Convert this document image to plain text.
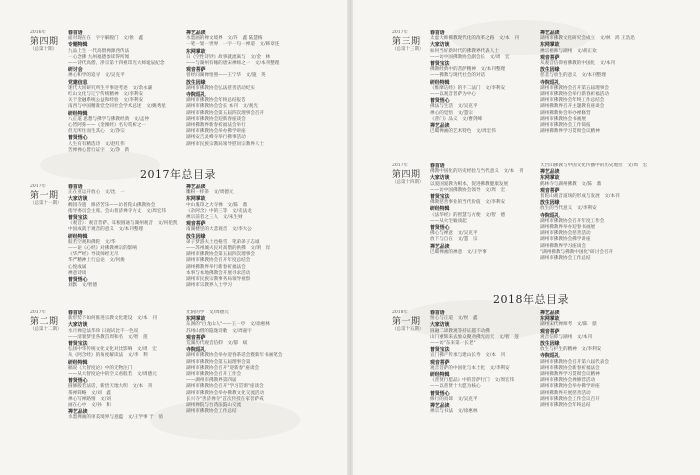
2017年总目录
2018年总目录
2016年
第四期
（总第十期）
2017年
第一期
（总第十一期）
2017年
第二期
（总第十二期）
2017年
第三期
（总第十三期）
2017年
第四期
（总第十四期）
2018年
第一期
（总第十五期）
春首语
面对现在在　字字解脱门　文/侯　鑫
专题特辑
九品上生 一代高僧禅源西传法
一心念佛 九州福德参读得所闻
——诗代高僧、净宗第十四祖印光大师诞辰紀念
研讨会
禅心和学的追寻　文/吴克平
党建信息
迷代大同研究所生平事迹考述　文/余永谦
红山文化与辽宁传统精神　文/李利安
关于金融系统公益和经验　文/李利安
南西与中国精准党全同社会学术总述　文/姚秀星
研经特辑
八正道 思想与佛学与佛教经典　文/孟仲
心皆阿弥——《金刚经》名句赏析之一
但无所住而生其心　文/净宗
普贤悟心
人生有有精选诗　文/赵红伟
苦禅禅心皆行证字　文/净　新
禅艺品读
水墨画的禅文境界　文/许　鑫 陆慧梅
一笔一划一世界　一字一句一禅道　文/韩章连
东网掌故
日《空性诗钞》故事就流离与　文/金　林
——与湖州有缘的唐宋禅师之一　文/本刊整理
观音菩萨
曾经问湖禅悟照——王宁华　文/施　英
放生因缘
湖州市佛教协会弘法慈善活动纪实
寺院巡礼
湖州市佛教协会年终总结报告
湖州市佛教协会会长 本刊　文/观光
湖州市佛教协会第五届四次理事会召开
湖州市佛教协会迎新春座谈会
湖州佛教界新春祈福法会举行
湖州市佛教协会举办佛学讲座
湖州安吉灵峰寺举行佛事活动
湖州市民族宗教局领导慰问宗教界人士
春首语
正在亚运开放心　文/沈　一
大家访谈
稠园寺遗　修济苦乐——访普陀山佛教协会
指导委员会主席、会山普济禅寺方丈　文/周宏伟
普贤宝法
《观音》：观音菩萨、耳根圆通与湖州观音　文/何伦凯
中国成就于观音的意义　文/本刊整理
研经特辑
般若空观和佛陀　文/华　
——论《心经》对佛教禅宗的影响
《华严经》导读师经无尽
华严精神上行总论　文/何俊
心悦成诵
禅意诗谈
普贤悟心
刘默　文/智德
禅艺品读
雕粉一样茶　文/周德元
东网掌故
中山鬼印之大寺禅　文/陈　鼎
《杂阿含》中的三等　文/史法龙
禅宗前者之三人　文/朱生财
观音菩萨
南湖楼里的大悲观音　文/李大公
放生因缘
弟子梦游夫土也格雪　笔弟弟子志诚
——苏州城夫民对高僧的供佛　文/明　岸
湖州市佛教协会第五届四次理事会
湖州市佛教协会召开年度总结会
湖州佛教界举行新春祈福法会
本事与本地佛教会开展寻求活动
湖州市民族宗教事务局领导视察
湖州市宗教界人士学习
春首语
新形势下如何推进宗教文化建设　文/本　刊
大家访谈
水月禅是法华珍 日观试比不一色说
——清暑梦里各教首周和名　文/智　莲
普贤宝法
弘扬中华传统文化文化对比影响　文/周　宏
从《阿含经》的角度解读法　文/李　利
研经特辑
稿说《大智度论》中的无物注门
——从大智度论中的空义看般若　文/周德元
普贤悟心
圆修般若法话，新悟天地大明　文/本　刊
茶禅简略　文/刘　鑫
禅心写禅路情　文/刘　
画在心中　文/孙　和
禅艺品读
水墨禅画的审美境界与意蕴　文/王学事 于　俏
光阴的学　文/周德元
东网掌故
东洲的"白龙山人"——王一亭　文/徐惠林
苏州山僧的隐逸诗歌　文/周嘉宇
观音菩萨
荒湖历代观音信仰　文/郁　斌
寺院巡礼
湖州市佛教协会举办迎春茶话会暨新年书画笔会
湖州市佛教协会第五届理事会第
湖州市佛教协会召开"迎新春"座谈会
湖州市佛教协会召开工作会
——湖州市佛教界第四届
湖州市佛教协会召开"学习贯彻"座谈会
湖州市佛教协会举办佛教文化交流活动
长兴寺"善济禅寺"首次传授在家菩萨戒
湖州禅院与台湾法鼓山交流
湖州市佛教协会工作总结
春首语
太虚大师佛教现代化的改革之路　文/本　刊
大家访谈
如何当好新时代的佛教界代表人士
——访中国佛教协会副会长　文/周　宏
普贤宝法
佛教经典中的菩萨精神　文/本刊整理
——佛教与现代社会的对话
研经特辑
《维摩诘经》的不二法门　文/李利安
——以观音菩萨为中心
普贤悟心
佛法与生活　文/吴克平
禅心的觉悟　文/慧宗
《普门》品义　文/曹剑峰
禅艺品读
巴蜀禅画的艺术特色　文/周宏伟
禅艺品读
湖州市佛教文化研究会成立　文/林　鸿 王浩迅
东网掌故
禅宗祖师与湖州　文/胡正欢
观音菩萨
从观音信仰看佛教的中国化　文/本刊
放生因缘
慈悲与放生的意义　文/本刊整理
寺院巡礼
湖州市佛教协会召开第五届理事会
湖州市佛教协会举行新春祈福活动
湖州市佛教协会年终工作总结会
湖州佛教界召开主题教育座谈会
湖州佛教协会举办禅修营
湖州市佛教协会书画展
湖州市佛教协会工作简报
湖州佛教界学习贯彻会议精神
春首语
佛教中国化的历史经验与当代意义　文/本　刊
大家访谈
以爱国爱教为根本，促进佛教健康发展
——访中国佛教协会领导　文/周　宏
普贤宝法
佛教慈善事业的当代价值　文/李利安
研经特辑
《法华经》的智慧与方便　文/智　德
——从火宅喻谈起
普贤悟心
佛心与禅意　文/吴克平
放下与自在　文/慧　宗
禅艺品读
巴蜀禅画的禅意　文/王学事
天台山佛教与中国文化传播中的历史地位　文/周　宏
禅艺品读
东网掌故
鹤林寺与湖州佛教　文/陈　鼎
观音菩萨
普陀山观音道场的形成与发展　文/本刊
放生因缘
放生的当代意义　文/李利安
寺院巡礼
湖州市佛教协会召开年度工作会
湖州佛教界举办迎春书画展
湖州市佛教协会慈善活动
湖州市佛教协会佛学讲座
湖州佛教界学习座谈会
"湖州佛教与佛教中国化"研讨会召开
湖州市佛教协会工作总结
春首语
恒心与正道　文/侯　鑫
大家访谈
圆融二谛教观等持证越不动佛
山门重辉来去象众聚劝佛光而天　文/智　莲
——访"东来第一长老"
普贤宝法
宣门佛产传承与建山长寿　文/本　刊
观音菩萨
观音菩萨的中国化与本土化　文/李利安
研经特辑
《普贤行愿品》中的菩萨行门　文/周宏伟
——以普贤十大愿为核心
普贤悟心
修行的真谛　文/吴克平
禅艺品读
禅宗与书法　文/徐惠林
禅艺品读
东网掌故
湖州宋代禅师考　文/陈　鼎
观音菩萨
观音信仰与湖州　文/本刊
放生因缘
放生与护生的精神　文/李利安
寺院巡礼
湖州市佛教协会召开第六届代表会
湖州市佛教协会新春祈福法会
湖州佛教界学习贯彻会议精神
湖州市佛教协会禅修营活动
湖州市佛教协会举办佛学讲座
湖州佛教界开展慈善活动
湖州市佛教协会工作会议召开
湖州市佛教协会年终总结
